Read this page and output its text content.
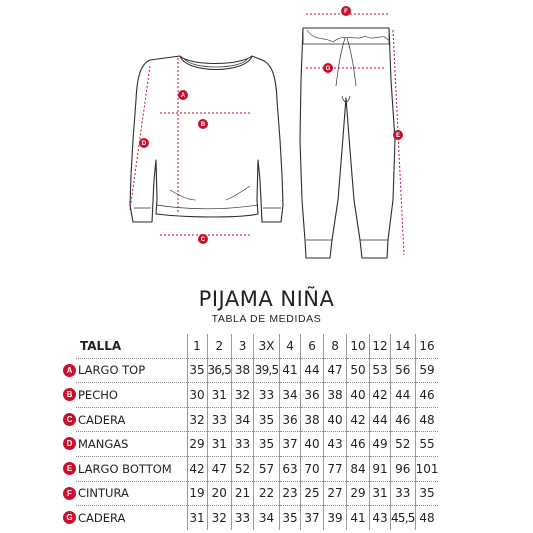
A
B
C
D
E
F
G
PIJAMA NIÑA
TABLA DE MEDIDAS
TALLA	1	2	3	3X	4	6	8	10	12	14	16

A LARGO TOP	35	36,5	38	39,5	41	44	47	50	53	56	59

B PECHO	30	31	32	33	34	36	38	40	42	44	46

C CADERA	32	33	34	35	36	38	40	42	44	46	48

D MANGAS	29	31	33	35	37	40	43	46	49	52	55

E LARGO BOTTOM	42	47	52	57	63	70	77	84	91	96	101

F CINTURA	19	20	21	22	23	25	27	29	31	33	35

G CADERA	31	32	33	34	35	37	39	41	43	45,5	48
